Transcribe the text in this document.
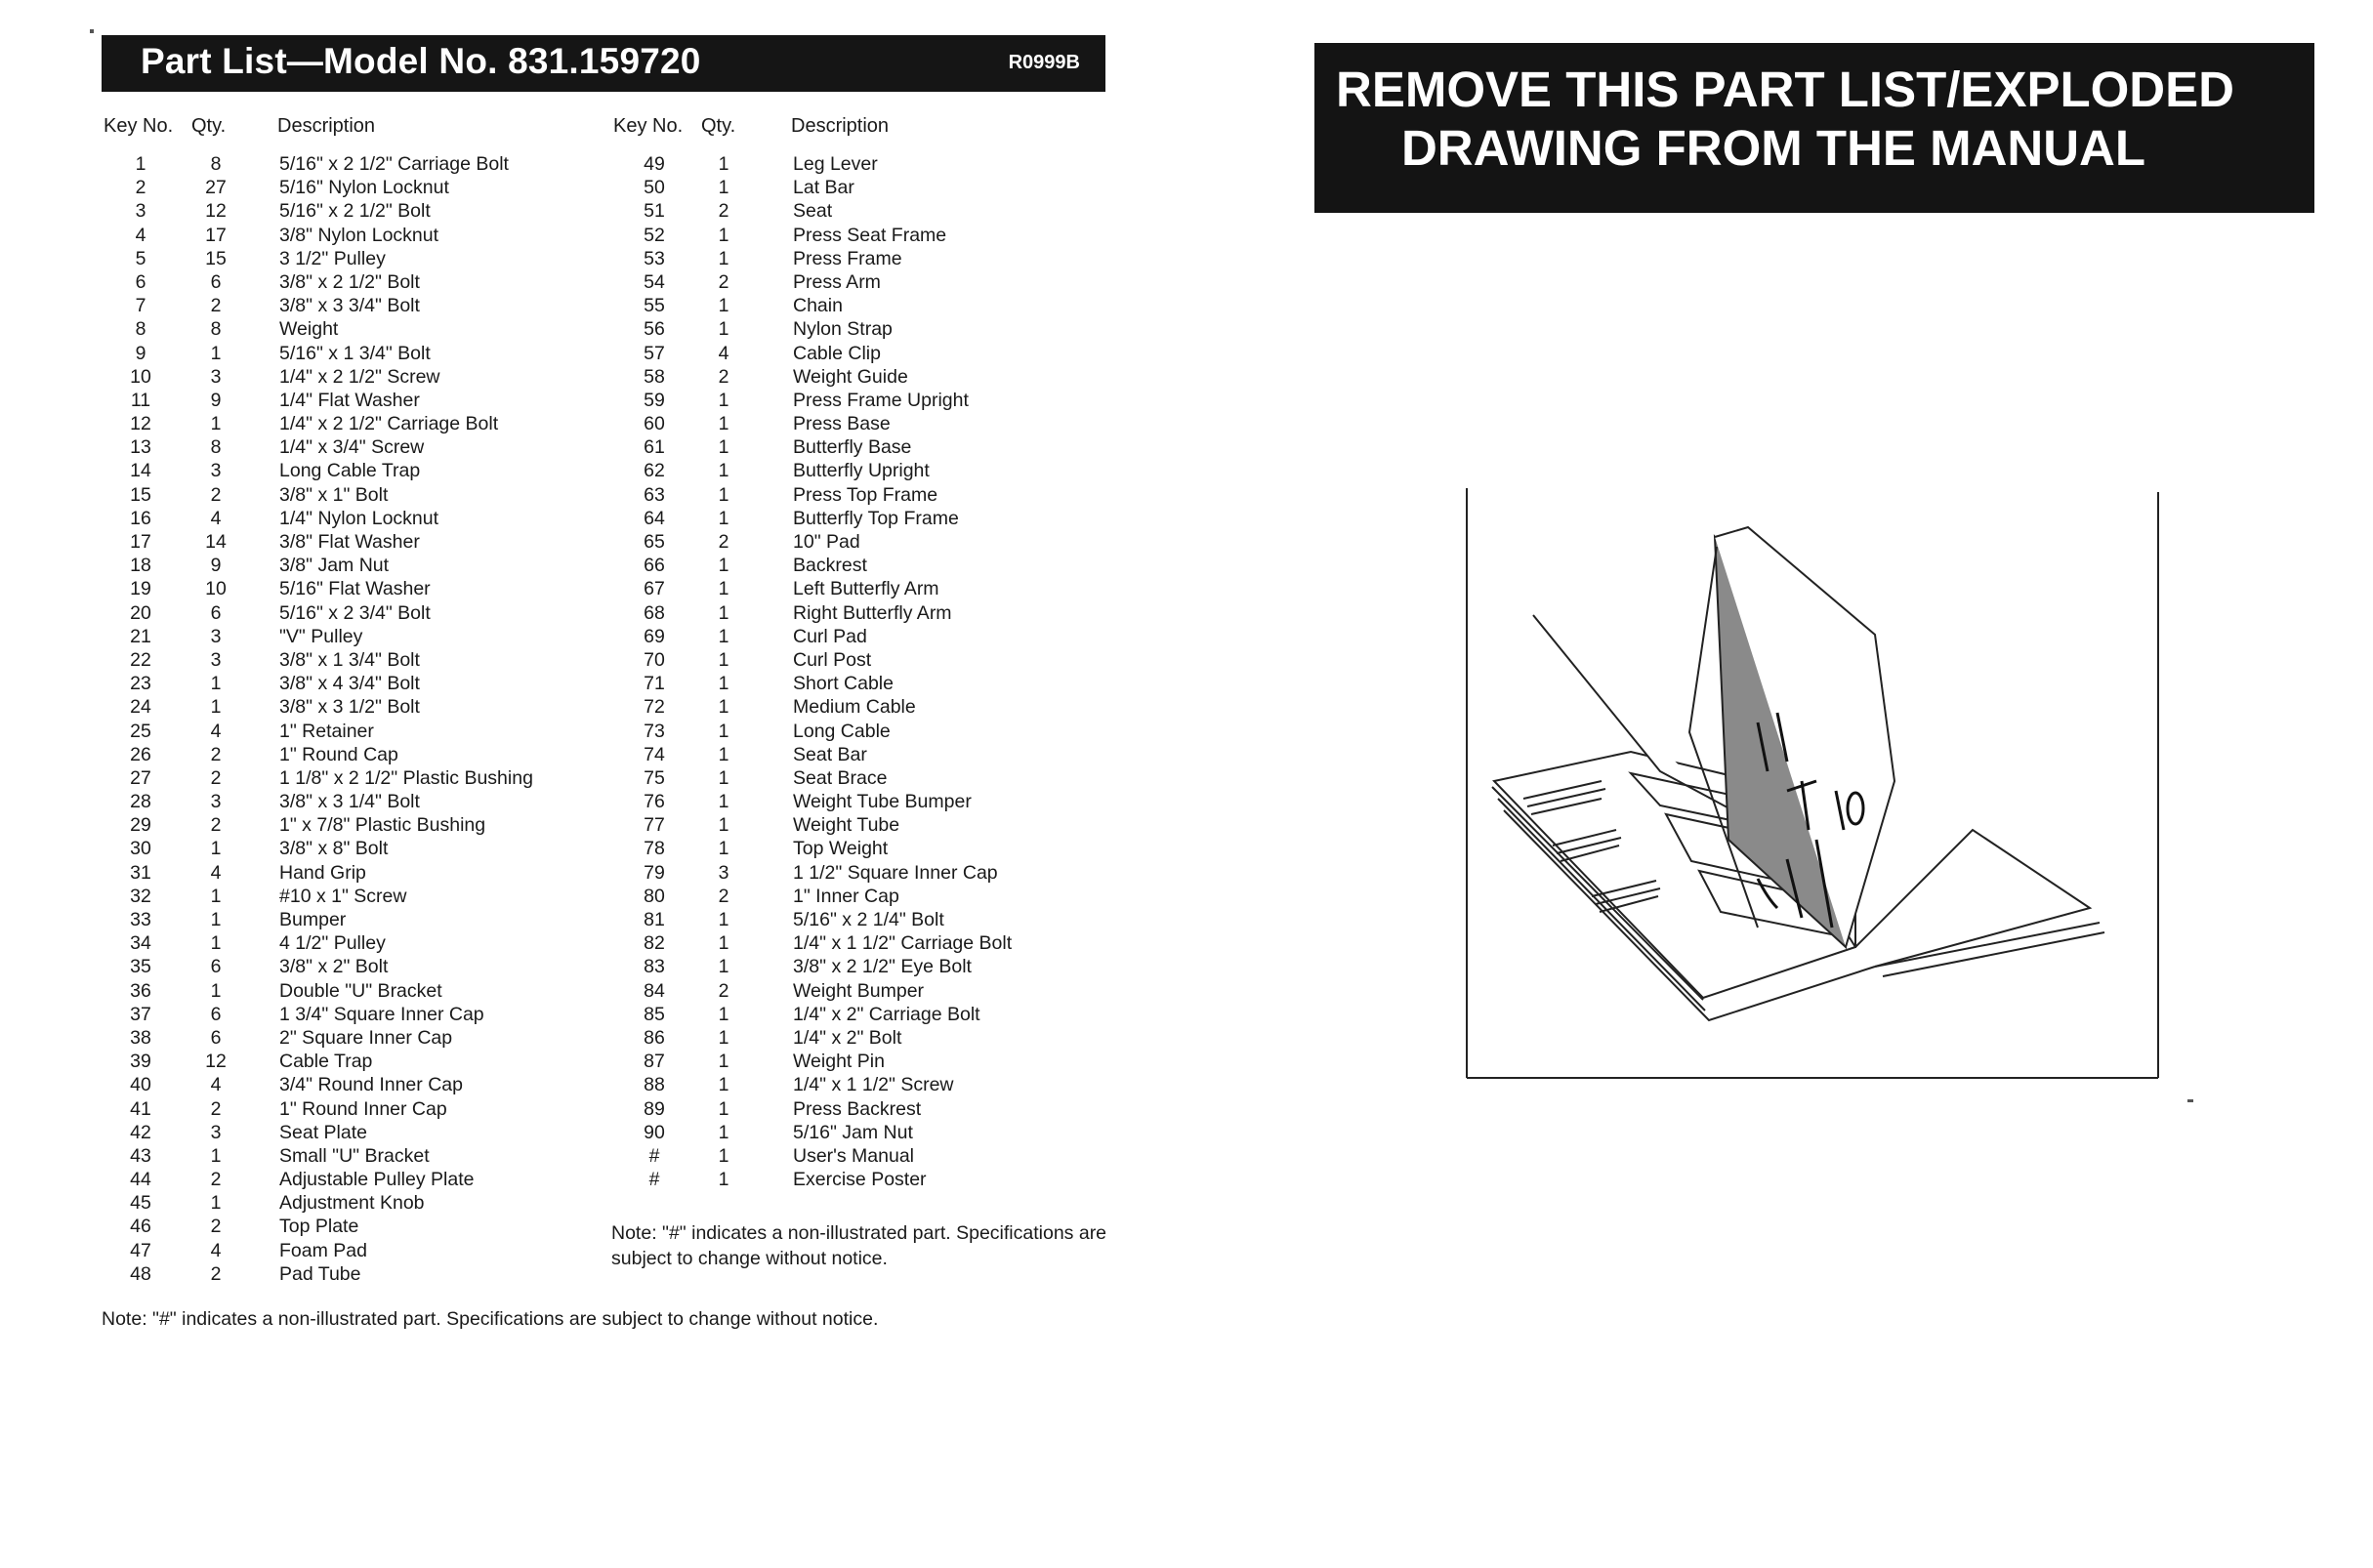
Part List—Model No. 831.159720	R0999B
Key No. Qty.	Description	Key No. Qty.	Description
1	8	5/16" x 2 1/2" Carriage Bolt
2	27	5/16" Nylon Locknut
3	12	5/16" x 2 1/2" Bolt
4	17	3/8" Nylon Locknut
5	15	3 1/2" Pulley
6	6	3/8" x 2 1/2" Bolt
7	2	3/8" x 3 3/4" Bolt
8	8	Weight
9	1	5/16" x 1 3/4" Bolt
10	3	1/4" x 2 1/2" Screw
11	9	1/4" Flat Washer
12	1	1/4" x 2 1/2" Carriage Bolt
13	8	1/4" x 3/4" Screw
14	3	Long Cable Trap
15	2	3/8" x 1" Bolt
16	4	1/4" Nylon Locknut
17	14	3/8" Flat Washer
18	9	3/8" Jam Nut
19	10	5/16" Flat Washer
20	6	5/16" x 2 3/4" Bolt
21	3	"V" Pulley
22	3	3/8" x 1 3/4" Bolt
23	1	3/8" x 4 3/4" Bolt
24	1	3/8" x 3 1/2" Bolt
25	4	1" Retainer
26	2	1" Round Cap
27	2	1 1/8" x 2 1/2" Plastic Bushing
28	3	3/8" x 3 1/4" Bolt
29	2	1" x 7/8" Plastic Bushing
30	1	3/8" x 8" Bolt
31	4	Hand Grip
32	1	#10 x 1" Screw
33	1	Bumper
34	1	4 1/2" Pulley
35	6	3/8" x 2" Bolt
36	1	Double "U" Bracket
37	6	1 3/4" Square Inner Cap
38	6	2" Square Inner Cap
39	12	Cable Trap
40	4	3/4" Round Inner Cap
41	2	1" Round Inner Cap
42	3	Seat Plate
43	1	Small "U" Bracket
44	2	Adjustable Pulley Plate
45	1	Adjustment Knob
46	2	Top Plate
47	4	Foam Pad
48	2	Pad Tube
49	1	Leg Lever
50	1	Lat Bar
51	2	Seat
52	1	Press Seat Frame
53	1	Press Frame
54	2	Press Arm
55	1	Chain
56	1	Nylon Strap
57	4	Cable Clip
58	2	Weight Guide
59	1	Press Frame Upright
60	1	Press Base
61	1	Butterfly Base
62	1	Butterfly Upright
63	1	Press Top Frame
64	1	Butterfly Top Frame
65	2	10" Pad
66	1	Backrest
67	1	Left Butterfly Arm
68	1	Right Butterfly Arm
69	1	Curl Pad
70	1	Curl Post
71	1	Short Cable
72	1	Medium Cable
73	1	Long Cable
74	1	Seat Bar
75	1	Seat Brace
76	1	Weight Tube Bumper
77	1	Weight Tube
78	1	Top Weight
79	3	1 1/2" Square Inner Cap
80	2	1" Inner Cap
81	1	5/16" x 2 1/4" Bolt
82	1	1/4" x 1 1/2" Carriage Bolt
83	1	3/8" x 2 1/2" Eye Bolt
84	2	Weight Bumper
85	1	1/4" x 2" Carriage Bolt
86	1	1/4" x 2" Bolt
87	1	Weight Pin
88	1	1/4" x 1 1/2" Screw
89	1	Press Backrest
90	1	5/16" Jam Nut
#	1	User's Manual
#	1	Exercise Poster
Note: "#" indicates a non-illustrated part. Specifications are subject to change without notice.
Note: "#" indicates a non-illustrated part. Specifications are subject to change without notice.
REMOVE THIS PART LIST/EXPLODED
DRAWING FROM THE MANUAL
